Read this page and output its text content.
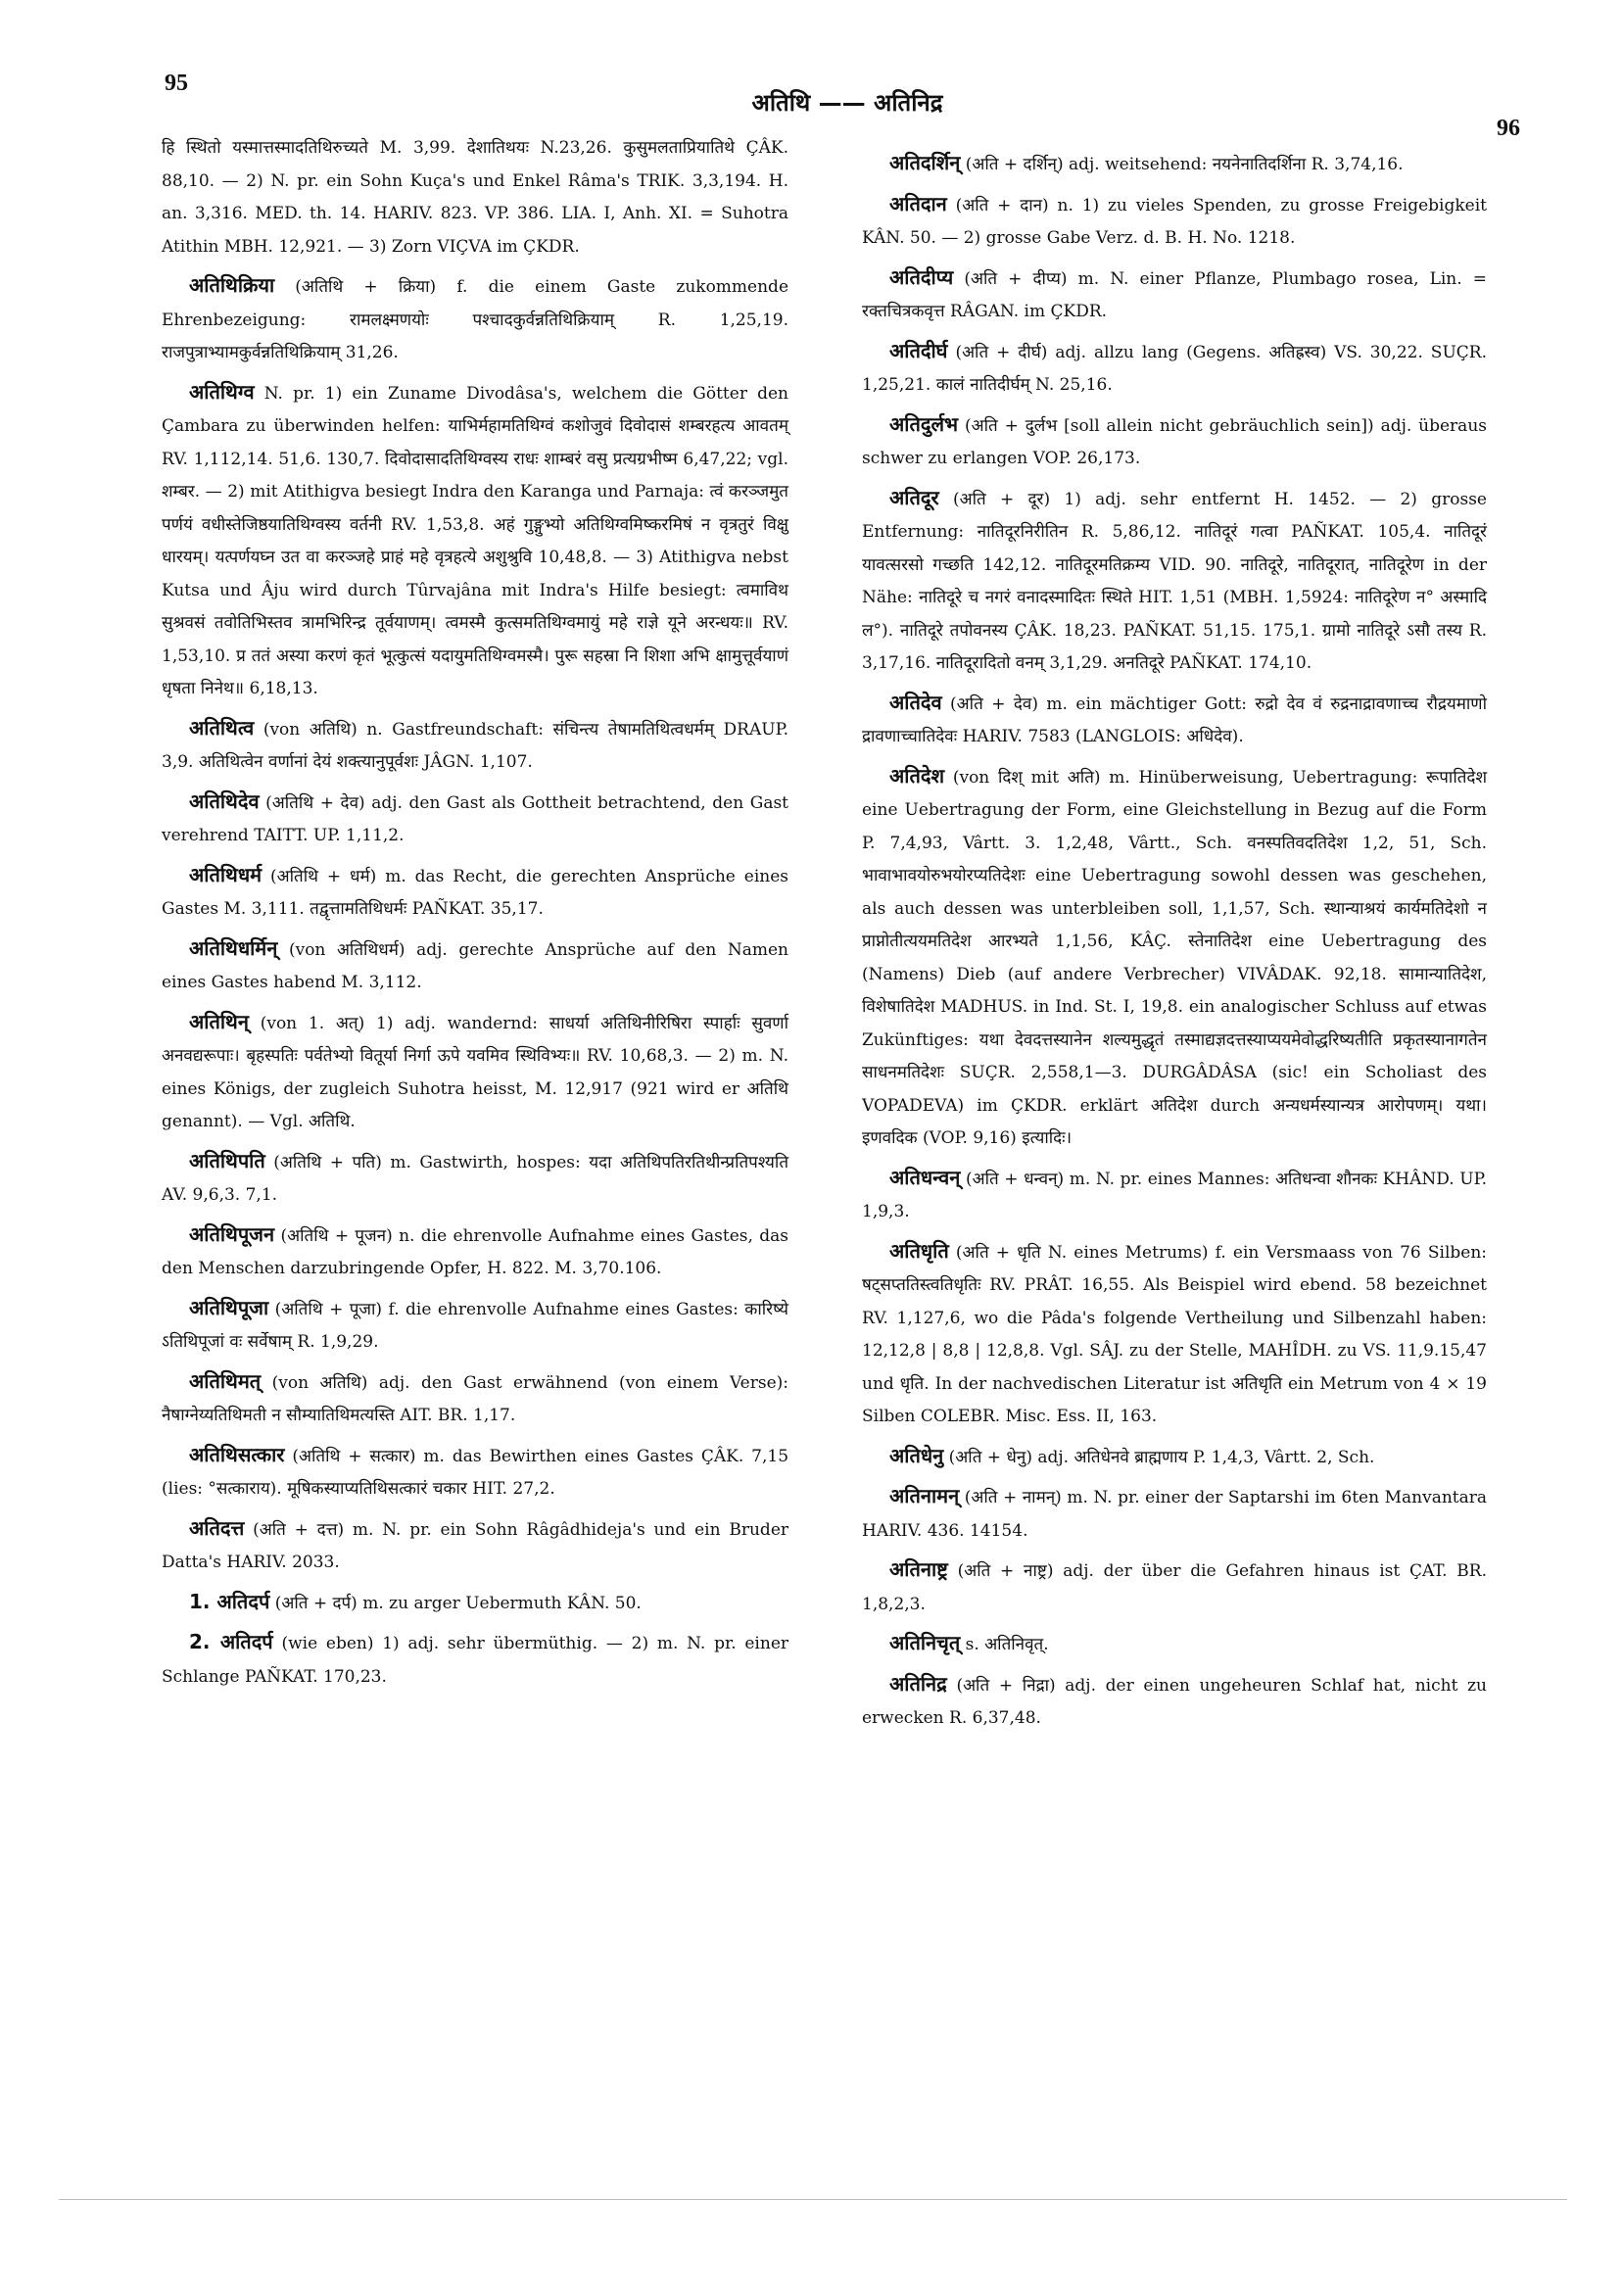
95
अतिथि —— अतिनिद्र
96

हि स्थितो यस्मात्तस्मादतिथिरुच्यते M. 3,99. देशातिथयः N.23,26. कुसुमलताप्रियातिथे ÇÂK. 88,10. — 2) N. pr. ein Sohn Kuça's und Enkel Râma's TRIK. 3,3,194. H. an. 3,316. MED. th. 14. HARIV. 823. VP. 386. LIA. I, Anh. XI. = Suhotra Atithin MBH. 12,921. — 3) Zorn VIÇVA im ÇKDR.

अतिथिक्रिया (अतिथि + क्रिया) f. die einem Gaste zukommende Ehrenbezeigung: रामलक्ष्मणयोः पश्चादकुर्वन्नतिथिक्रियाम् R. 1,25,19. राजपुत्राभ्यामकुर्वन्नतिथिक्रियाम् 31,26.

अतिथिग्व N. pr. 1) ein Zuname Divodâsa's, welchem die Götter den Çambara zu überwinden helfen: याभिर्महामतिथिग्वं कशोजुवं दिवोदासं शम्बरहत्य आवतम् RV. 1,112,14. 51,6. 130,7. दिवोदासादतिथिग्वस्य राधः शाम्बरं वसु प्रत्यग्रभीष्म 6,47,22; vgl. शम्बर. — 2) mit Atithigva besiegt Indra den Karanga und Parnaja: त्वं करञ्जमुत पर्णयं वधीस्तेजिष्ठयातिथिग्वस्य वर्तनी RV. 1,53,8. अहं गुङ्गुभ्यो अतिथिग्वमिष्करमिषं न वृत्रतुरं विक्षु धारयम्। यत्पर्णयघ्न उत वा करञ्जहे प्राहं महे वृत्रहत्ये अशुश्रुवि 10,48,8. — 3) Atithigva nebst Kutsa und Âju wird durch Tûrvajâna mit Indra's Hilfe besiegt: त्वमाविथ सुश्रवसं तवोतिभिस्तव त्रामभिरिन्द्र तूर्वयाणम्। त्वमस्मै कुत्समतिथिग्वमायुं महे राज्ञे यूने अरन्धयः॥ RV. 1,53,10. प्र ततं अस्या करणं कृतं भूत्कुत्सं यदायुमतिथिग्वमस्मै। पुरू सहस्रा नि शिशा अभि क्षामुत्तूर्वयाणं धृषता निनेथ॥ 6,18,13.

अतिथित्व (von अतिथि) n. Gastfreundschaft: संचिन्त्य तेषामतिथित्वधर्मम् DRAUP. 3,9. अतिथित्वेन वर्णानां देयं शक्त्यानुपूर्वशः JÂGN. 1,107.

अतिथिदेव (अतिथि + देव) adj. den Gast als Gottheit betrachtend, den Gast verehrend TAITT. UP. 1,11,2.

अतिथिधर्म (अतिथि + धर्म) m. das Recht, die gerechten Ansprüche eines Gastes M. 3,111. तद्वृत्तामतिथिधर्मः PAÑKAT. 35,17.

अतिथिधर्मिन् (von अतिथिधर्म) adj. gerechte Ansprüche auf den Namen eines Gastes habend M. 3,112.

अतिथिन् (von 1. अत्) 1) adj. wandernd: साधर्या अतिथिनीरिषिरा स्पार्हाः सुवर्णा अनवद्यरूपाः। बृहस्पतिः पर्वतेभ्यो वितूर्या निर्गा ऊपे यवमिव स्थिविभ्यः॥ RV. 10,68,3. — 2) m. N. eines Königs, der zugleich Suhotra heisst, M. 12,917 (921 wird er अतिथि genannt). — Vgl. अतिथि.

अतिथिपति (अतिथि + पति) m. Gastwirth, hospes: यदा अतिथिपतिरतिथीन्प्रतिपश्यति AV. 9,6,3. 7,1.

अतिथिपूजन (अतिथि + पूजन) n. die ehrenvolle Aufnahme eines Gastes, das den Menschen darzubringende Opfer, H. 822. M. 3,70.106.

अतिथिपूजा (अतिथि + पूजा) f. die ehrenvolle Aufnahme eines Gastes: कारिष्ये ऽतिथिपूजां वः सर्वेषाम् R. 1,9,29.

अतिथिमत् (von अतिथि) adj. den Gast erwähnend (von einem Verse): नैषाग्नेय्यतिथिमती न सौम्यातिथिमत्यस्ति AIT. BR. 1,17.

अतिथिसत्कार (अतिथि + सत्कार) m. das Bewirthen eines Gastes ÇÂK. 7,15 (lies: °सत्काराय). मूषिकस्याप्यतिथिसत्कारं चकार HIT. 27,2.

अतिदत्त (अति + दत्त) m. N. pr. ein Sohn Râgâdhideja's und ein Bruder Datta's HARIV. 2033.

1. अतिदर्प (अति + दर्प) m. zu arger Uebermuth KÂN. 50.

2. अतिदर्प (wie eben) 1) adj. sehr übermüthig. — 2) m. N. pr. einer Schlange PAÑKAT. 170,23.

अतिदर्शिन् (अति + दर्शिन्) adj. weitsehend: नयनेनातिदर्शिना R. 3,74,16.

अतिदान (अति + दान) n. 1) zu vieles Spenden, zu grosse Freigebigkeit KÂN. 50. — 2) grosse Gabe Verz. d. B. H. No. 1218.

अतिदीप्य (अति + दीप्य) m. N. einer Pflanze, Plumbago rosea, Lin. = रक्तचित्रकवृत्त RÂGAN. im ÇKDR.

अतिदीर्घ (अति + दीर्घ) adj. allzu lang (Gegens. अतिह्रस्व) VS. 30,22. SUÇR. 1,25,21. कालं नातिदीर्घम् N. 25,16.

अतिदुर्लभ (अति + दुर्लभ [soll allein nicht gebräuchlich sein]) adj. überaus schwer zu erlangen VOP. 26,173.

अतिदूर (अति + दूर) 1) adj. sehr entfernt H. 1452. — 2) grosse Entfernung: नातिदूरनिरीतिन R. 5,86,12. नातिदूरं गत्वा PAÑKAT. 105,4. नातिदूरं यावत्सरसो गच्छति 142,12. नातिदूरमतिक्रम्य VID. 90. नातिदूरे, नातिदूरात्, नातिदूरेण in der Nähe: नातिदूरे च नगरं वनादस्मादितः स्थिते HIT. 1,51 (MBH. 1,5924: नातिदूरेण न° अस्मादि ल°). नातिदूरे तपोवनस्य ÇÂK. 18,23. PAÑKAT. 51,15. 175,1. ग्रामो नातिदूरे ऽसौ तस्य R. 3,17,16. नातिदूरादितो वनम् 3,1,29. अनतिदूरे PAÑKAT. 174,10.

अतिदेव (अति + देव) m. ein mächtiger Gott: रुद्रो देव वं रुद्रनाद्रावणाच्च रौद्रयमाणो द्रावणाच्चातिदेवः HARIV. 7583 (LANGLOIS: अधिदेव).

अतिदेश (von दिश् mit अति) m. Hinüberweisung, Uebertragung: रूपातिदेश eine Uebertragung der Form, eine Gleichstellung in Bezug auf die Form P. 7,4,93, Vârtt. 3. 1,2,48, Vârtt., Sch. वनस्पतिवदतिदेश 1,2, 51, Sch. भावाभावयोरुभयोरप्यतिदेशः eine Uebertragung sowohl dessen was geschehen, als auch dessen was unterbleiben soll, 1,1,57, Sch. स्थान्याश्रयं कार्यमतिदेशो न प्राप्नोतीत्ययमतिदेश आरभ्यते 1,1,56, KÂÇ. स्तेनातिदेश eine Uebertragung des (Namens) Dieb (auf andere Verbrecher) VIVÂDAK. 92,18. सामान्यातिदेश, विशेषातिदेश MADHUS. in Ind. St. I, 19,8. ein analogischer Schluss auf etwas Zukünftiges: यथा देवदत्तस्यानेन शल्यमुद्धृतं तस्माद्यज्ञदत्तस्याप्ययमेवोद्धरिष्यतीति प्रकृतस्यानागतेन साधनमतिदेशः SUÇR. 2,558,1—3. DURGÂDÂSA (sic! ein Scholiast des VOPADEVA) im ÇKDR. erklärt अतिदेश durch अन्यधर्मस्यान्यत्र आरोपणम्। यथा। इणवदिक (VOP. 9,16) इत्यादिः।

अतिधन्वन् (अति + धन्वन्) m. N. pr. eines Mannes: अतिधन्वा शौनकः KHÂND. UP. 1,9,3.

अतिधृति (अति + धृति N. eines Metrums) f. ein Versmaass von 76 Silben: षट्सप्ततिस्त्वतिधृतिः RV. PRÂT. 16,55. Als Beispiel wird ebend. 58 bezeichnet RV. 1,127,6, wo die Pâda's folgende Vertheilung und Silbenzahl haben: 12,12,8 | 8,8 | 12,8,8. Vgl. SÂJ. zu der Stelle, MAHÎDH. zu VS. 11,9.15,47 und धृति. In der nachvedischen Literatur ist अतिधृति ein Metrum von 4 × 19 Silben COLEBR. Misc. Ess. II, 163.

अतिधेनु (अति + धेनु) adj. अतिधेनवे ब्राह्मणाय P. 1,4,3, Vârtt. 2, Sch.

अतिनामन् (अति + नामन्) m. N. pr. einer der Saptarshi im 6ten Manvantara HARIV. 436. 14154.

अतिनाष्ट्र (अति + नाष्ट्र) adj. der über die Gefahren hinaus ist ÇAT. BR. 1,8,2,3.

अतिनिचृत् s. अतिनिवृत्.

अतिनिद्र (अति + निद्रा) adj. der einen ungeheuren Schlaf hat, nicht zu erwecken R. 6,37,48.
